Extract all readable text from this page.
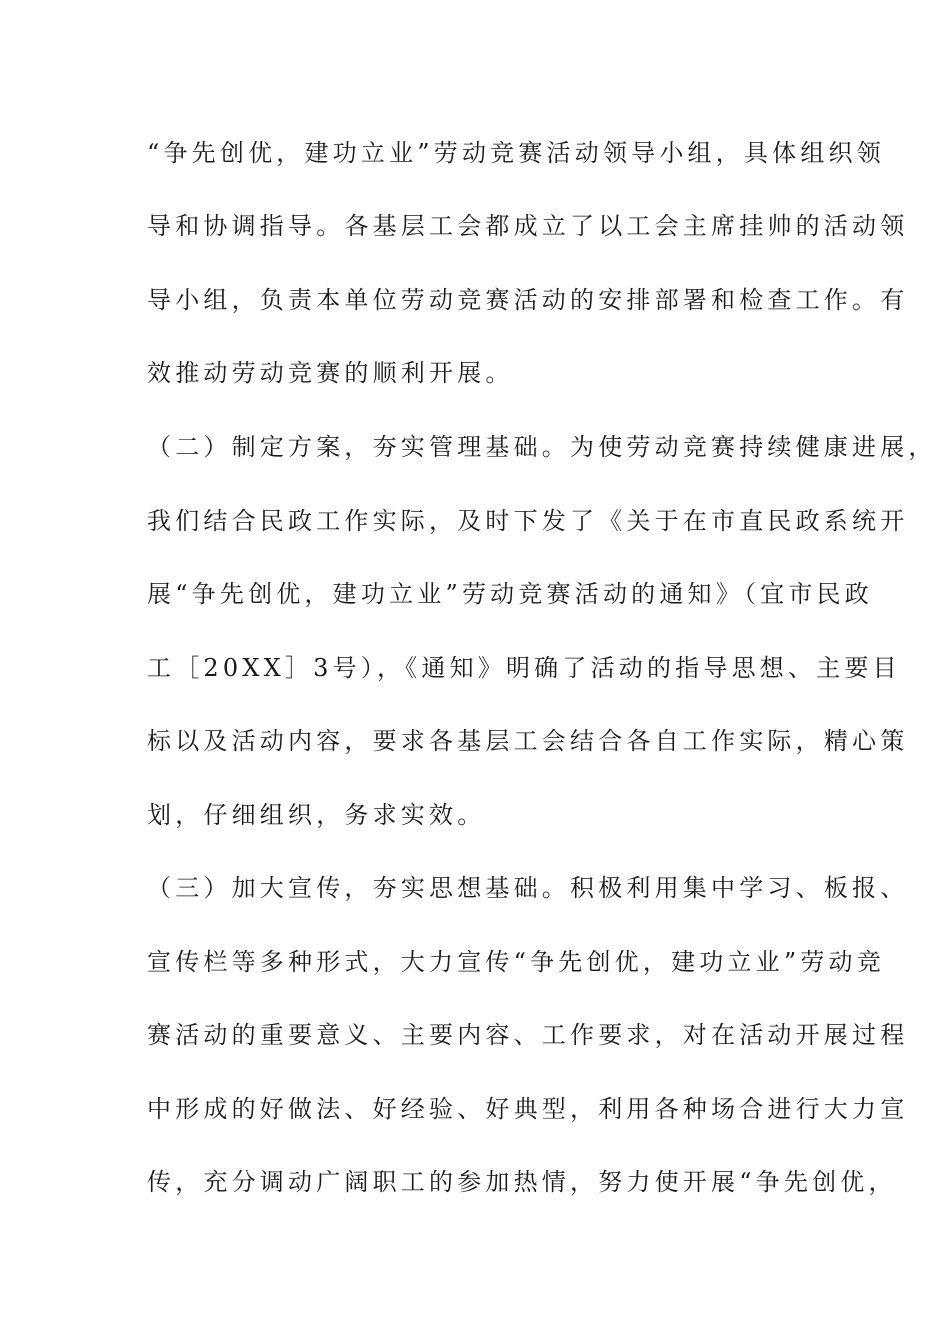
“争先创优，建功立业”劳动竞赛活动领导小组，具体组织领
导和协调指导。各基层工会都成立了以工会主席挂帅的活动领
导小组，负责本单位劳动竞赛活动的安排部署和检查工作。有
效推动劳动竞赛的顺利开展。
（二）制定方案，夯实管理基础。为使劳动竞赛持续健康进展，
我们结合民政工作实际，及时下发了《关于在市直民政系统开
展“争先创优，建功立业”劳动竞赛活动的通知》（宜市民政
工［20XX］3号），《通知》明确了活动的指导思想、主要目
标以及活动内容，要求各基层工会结合各自工作实际，精心策
划，仔细组织，务求实效。
（三）加大宣传，夯实思想基础。积极利用集中学习、板报、
宣传栏等多种形式，大力宣传“争先创优，建功立业”劳动竞
赛活动的重要意义、主要内容、工作要求，对在活动开展过程
中形成的好做法、好经验、好典型，利用各种场合进行大力宣
传，充分调动广阔职工的参加热情，努力使开展“争先创优，
